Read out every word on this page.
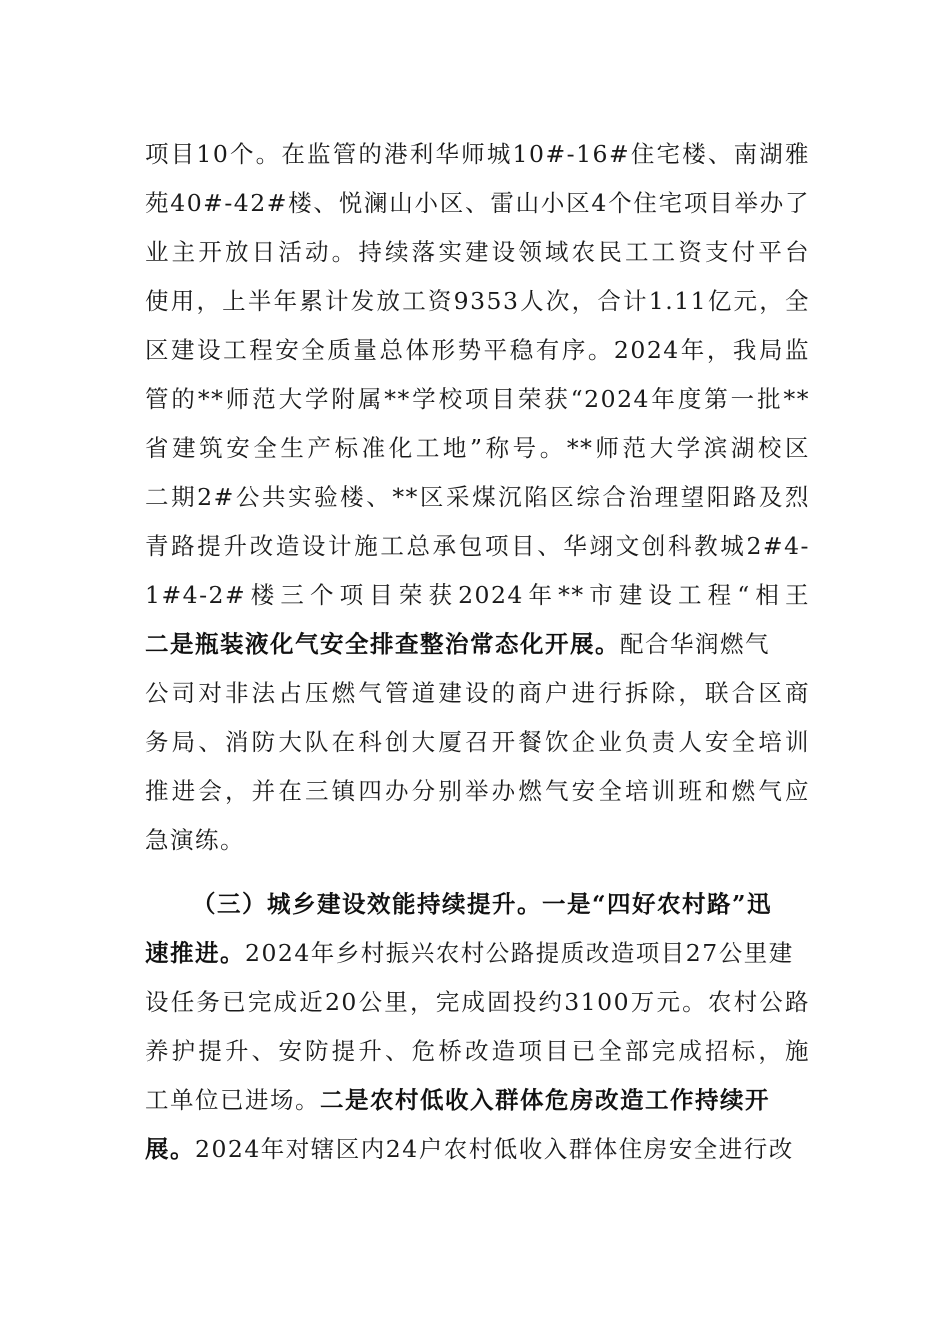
项目10个。在监管的港利华师城10#-16#住宅楼、南湖雅
苑40#-42#楼、悦澜山小区、雷山小区4个住宅项目举办了
业主开放日活动。持续落实建设领域农民工工资支付平台
使用，上半年累计发放工资9353人次，合计1.11亿元，全
区建设工程安全质量总体形势平稳有序。2024年，我局监
管的**师范大学附属**学校项目荣获“2024年度第一批**
省建筑安全生产标准化工地”称号。**师范大学滨湖校区
二期2#公共实验楼、**区采煤沉陷区综合治理望阳路及烈
青路提升改造设计施工总承包项目、华翊文创科教城2#4-
1#4-2#楼三个项目荣获2024年**市建设工程“相王
二是瓶装液化气安全排查整治常态化开展。配合华润燃气
公司对非法占压燃气管道建设的商户进行拆除，联合区商
务局、消防大队在科创大厦召开餐饮企业负责人安全培训
推进会，并在三镇四办分别举办燃气安全培训班和燃气应
急演练。
（三）城乡建设效能持续提升。一是“四好农村路”迅
速推进。2024年乡村振兴农村公路提质改造项目27公里建
设任务已完成近20公里，完成固投约3100万元。农村公路
养护提升、安防提升、危桥改造项目已全部完成招标，施
工单位已进场。二是农村低收入群体危房改造工作持续开
展。2024年对辖区内24户农村低收入群体住房安全进行改
